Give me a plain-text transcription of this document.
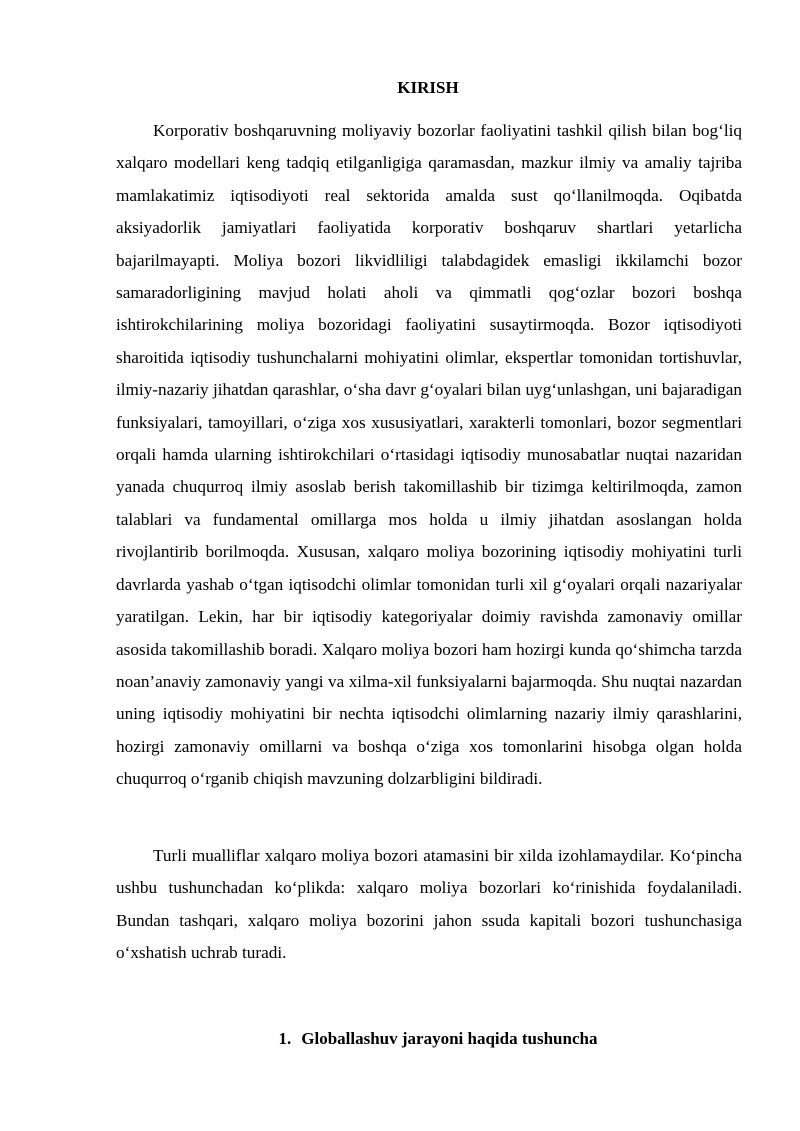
KIRISH

Korporativ boshqaruvning moliyaviy bozorlar faoliyatini tashkil qilish bilan bog‘liq xalqaro modellari keng tadqiq etilganligiga qaramasdan, mazkur ilmiy va amaliy tajriba mamlakatimiz iqtisodiyoti real sektorida amalda sust qo‘llanilmoqda. Oqibatda aksiyadorlik jamiyatlari faoliyatida korporativ boshqaruv shartlari yetarlicha bajarilmayapti. Moliya bozori likvidliligi talabdagidek emasligi ikkilamchi bozor samaradorligining mavjud holati aholi va qimmatli qog‘ozlar bozori boshqa ishtirokchilarining moliya bozoridagi faoliyatini susaytirmoqda. Bozor iqtisodiyoti sharoitida iqtisodiy tushunchalarni mohiyatini olimlar, ekspertlar tomonidan tortishuvlar, ilmiy-nazariy jihatdan qarashlar, o‘sha davr g‘oyalari bilan uyg‘unlashgan, uni bajaradigan funksiyalari, tamoyillari, o‘ziga xos xususiyatlari, xarakterli tomonlari, bozor segmentlari orqali hamda ularning ishtirokchilari o‘rtasidagi iqtisodiy munosabatlar nuqtai nazaridan yanada chuqurroq ilmiy asoslab berish takomillashib bir tizimga keltirilmoqda, zamon talablari va fundamental omillarga mos holda u ilmiy jihatdan asoslangan holda rivojlantirib borilmoqda. Xususan, xalqaro moliya bozorining iqtisodiy mohiyatini turli davrlarda yashab o‘tgan iqtisodchi olimlar tomonidan turli xil g‘oyalari orqali nazariyalar yaratilgan. Lekin, har bir iqtisodiy kategoriyalar doimiy ravishda zamonaviy omillar asosida takomillashib boradi. Xalqaro moliya bozori ham hozirgi kunda qo‘shimcha tarzda noan’anaviy zamonaviy yangi va xilma-xil funksiyalarni bajarmoqda. Shu nuqtai nazardan uning iqtisodiy mohiyatini bir nechta iqtisodchi olimlarning nazariy ilmiy qarashlarini, hozirgi zamonaviy omillarni va boshqa o‘ziga xos tomonlarini hisobga olgan holda chuqurroq o‘rganib chiqish mavzuning dolzarbligini bildiradi.

Turli mualliflar xalqaro moliya bozori atamasini bir xilda izohlamaydilar. Ko‘pincha ushbu tushunchadan ko‘plikda: xalqaro moliya bozorlari ko‘rinishida foydalaniladi. Bundan tashqari, xalqaro moliya bozorini jahon ssuda kapitali bozori tushunchasiga o‘xshatish uchrab turadi.

1. Globallashuv jarayoni haqida tushuncha
